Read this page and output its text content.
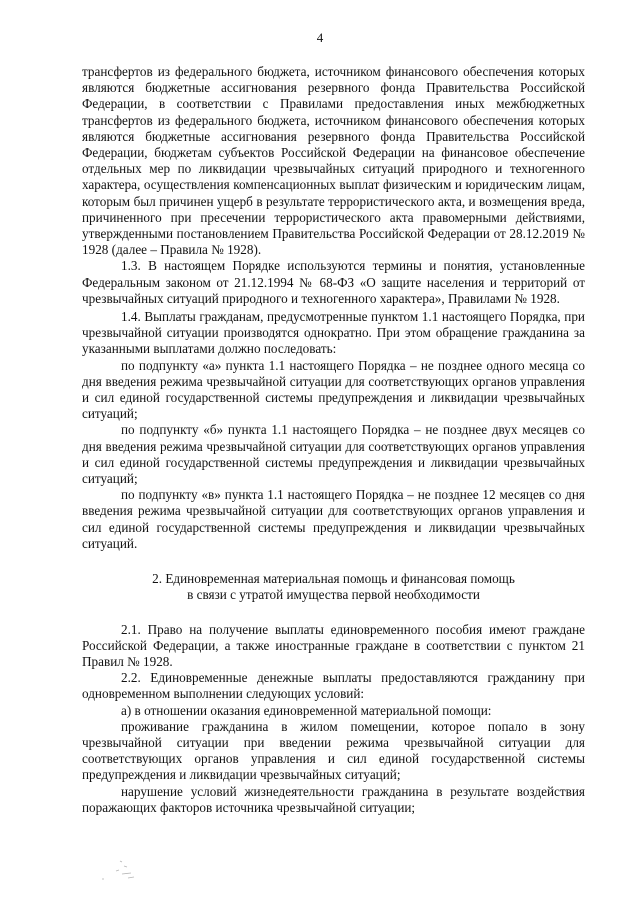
4

трансфертов из федерального бюджета, источником финансового обеспечения которых являются бюджетные ассигнования резервного фонда Правительства Российской Федерации, в соответствии с Правилами предоставления иных межбюджетных трансфертов из федерального бюджета, источником финансового обеспечения которых являются бюджетные ассигнования резервного фонда Правительства Российской Федерации, бюджетам субъектов Российской Федерации на финансовое обеспечение отдельных мер по ликвидации чрезвычайных ситуаций природного и техногенного характера, осуществления компенсационных выплат физическим и юридическим лицам, которым был причинен ущерб в результате террористического акта, и возмещения вреда, причиненного при пресечении террористического акта правомерными действиями, утвержденными постановлением Правительства Российской Федерации от 28.12.2019 № 1928 (далее – Правила № 1928).

1.3. В настоящем Порядке используются термины и понятия, установленные Федеральным законом от 21.12.1994 № 68-ФЗ «О защите населения и территорий от чрезвычайных ситуаций природного и техногенного характера», Правилами № 1928.

1.4. Выплаты гражданам, предусмотренные пунктом 1.1 настоящего Порядка, при чрезвычайной ситуации производятся однократно. При этом обращение гражданина за указанными выплатами должно последовать:

по подпункту «а» пункта 1.1 настоящего Порядка – не позднее одного месяца со дня введения режима чрезвычайной ситуации для соответствующих органов управления и сил единой государственной системы предупреждения и ликвидации чрезвычайных ситуаций;

по подпункту «б» пункта 1.1 настоящего Порядка – не позднее двух месяцев со дня введения режима чрезвычайной ситуации для соответствующих органов управления и сил единой государственной системы предупреждения и ликвидации чрезвычайных ситуаций;

по подпункту «в» пункта 1.1 настоящего Порядка – не позднее 12 месяцев со дня введения режима чрезвычайной ситуации для соответствующих органов управления и сил единой государственной системы предупреждения и ликвидации чрезвычайных ситуаций.

2. Единовременная материальная помощь и финансовая помощь
в связи с утратой имущества первой необходимости

2.1. Право на получение выплаты единовременного пособия имеют граждане Российской Федерации, а также иностранные граждане в соответствии с пунктом 21 Правил № 1928.

2.2. Единовременные денежные выплаты предоставляются гражданину при одновременном выполнении следующих условий:

а) в отношении оказания единовременной материальной помощи:

проживание гражданина в жилом помещении, которое попало в зону чрезвычайной ситуации при введении режима чрезвычайной ситуации для соответствующих органов управления и сил единой государственной системы предупреждения и ликвидации чрезвычайных ситуаций;

нарушение условий жизнедеятельности гражданина в результате воздействия поражающих факторов источника чрезвычайной ситуации;
